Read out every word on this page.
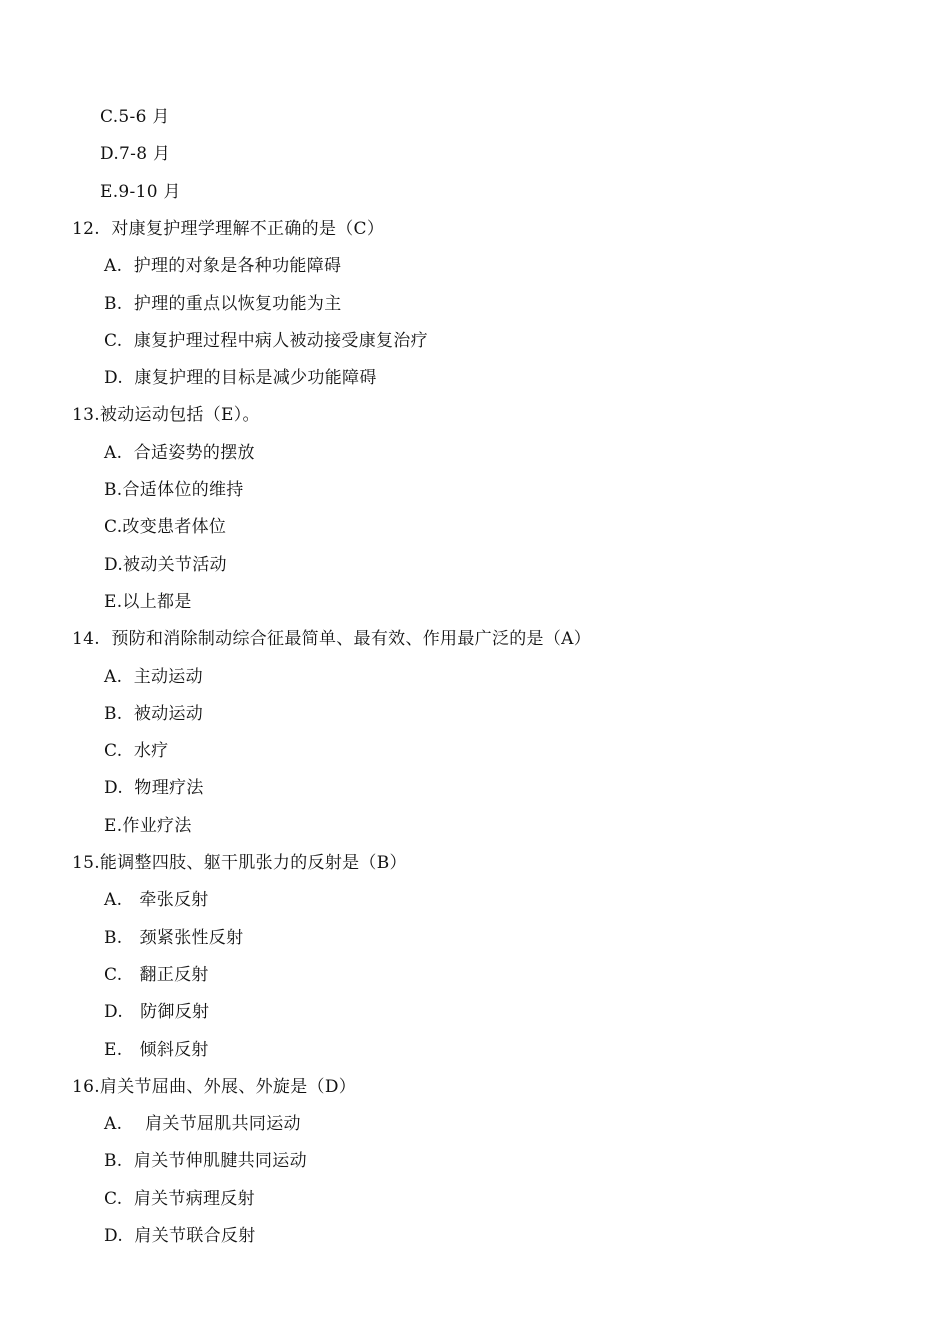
C.5-6 月
D.7-8 月
E.9-10 月
12.  对康复护理学理解不正确的是（C）
A.  护理的对象是各种功能障碍
B.  护理的重点以恢复功能为主
C.  康复护理过程中病人被动接受康复治疗
D.  康复护理的目标是减少功能障碍
13.被动运动包括（E）。
A.  合适姿势的摆放
B.合适体位的维持
C.改变患者体位
D.被动关节活动
E.以上都是
14.  预防和消除制动综合征最简单、最有效、作用最广泛的是（A）
A.  主动运动
B.  被动运动
C.  水疗
D.  物理疗法
E.作业疗法
15.能调整四肢、躯干肌张力的反射是（B）
A.   牵张反射
B.   颈紧张性反射
C.   翻正反射
D.   防御反射
E.   倾斜反射
16.肩关节屈曲、外展、外旋是（D）
A.    肩关节屈肌共同运动
B.  肩关节伸肌腱共同运动
C.  肩关节病理反射
D.  肩关节联合反射
